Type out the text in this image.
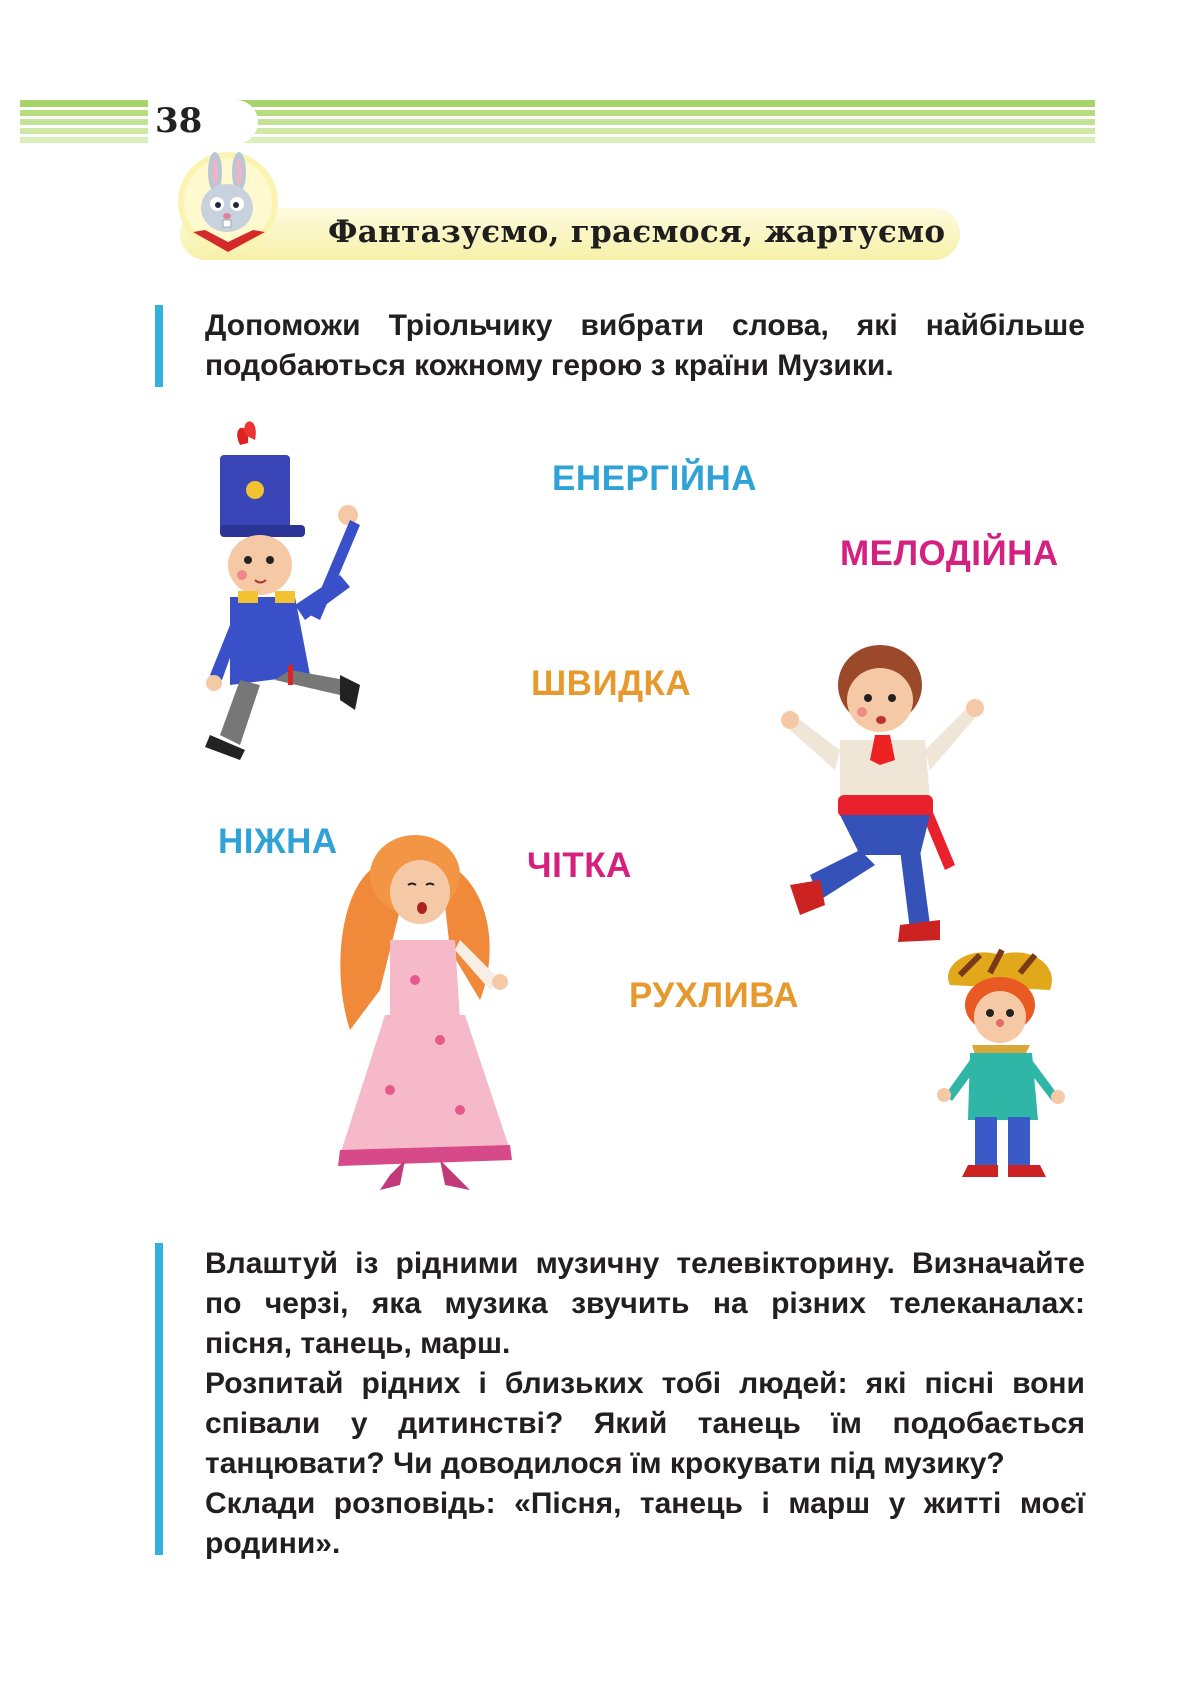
38
Фантазуємо, граємося, жартуємо
Допоможи Тріольчику вибрати слова, які найбільше
подобаються кожному герою з країни Музики.
ЕНЕРГІЙНА
МЕЛОДІЙНА
ШВИДКА
НІЖНА
ЧІТКА
РУХЛИВА
Влаштуй із рідними музичну телевікторину. Визначайте
по черзі, яка музика звучить на різних телеканалах:
пісня, танець, марш.
Розпитай рідних і близьких тобі людей: які пісні вони
співали у дитинстві? Який танець їм подобається
танцювати? Чи доводилося їм крокувати під музику?
Склади розповідь: «Пісня, танець і марш у житті моєї
родини».
